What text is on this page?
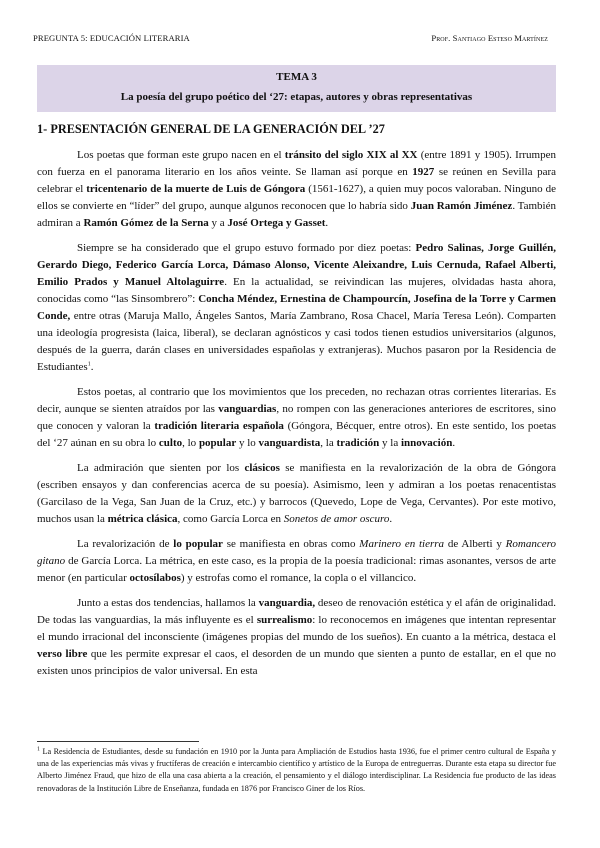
PREGUNTA 5: EDUCACIÓN LITERARIA	Prof. Santiago Esteso Martínez
TEMA 3
La poesía del grupo poético del ‘27: etapas, autores y obras representativas
1- PRESENTACIÓN GENERAL DE LA GENERACIÓN DEL ’27

Los poetas que forman este grupo nacen en el tránsito del siglo XIX al XX (entre 1891 y 1905). Irrumpen con fuerza en el panorama literario en los años veinte. Se llaman así porque en 1927 se reúnen en Sevilla para celebrar el tricentenario de la muerte de Luis de Góngora (1561-1627), a quien muy pocos valoraban. Ninguno de ellos se convierte en “líder” del grupo, aunque algunos reconocen que lo habría sido Juan Ramón Jiménez. También admiran a Ramón Gómez de la Serna y a José Ortega y Gasset.

Siempre se ha considerado que el grupo estuvo formado por diez poetas: Pedro Salinas, Jorge Guillén, Gerardo Diego, Federico García Lorca, Dámaso Alonso, Vicente Aleixandre, Luis Cernuda, Rafael Alberti, Emilio Prados y Manuel Altolaguirre. En la actualidad, se reivindican las mujeres, olvidadas hasta ahora, conocidas como “las Sinsombrero”: Concha Méndez, Ernestina de Champourcín, Josefina de la Torre y Carmen Conde, entre otras (Maruja Mallo, Ángeles Santos, María Zambrano, Rosa Chacel, María Teresa León). Comparten una ideología progresista (laica, liberal), se declaran agnósticos y casi todos tienen estudios universitarios (algunos, después de la guerra, darán clases en universidades españolas y extranjeras). Muchos pasaron por la Residencia de Estudiantes$^1$.

Estos poetas, al contrario que los movimientos que los preceden, no rechazan otras corrientes literarias. Es decir, aunque se sienten atraídos por las vanguardias, no rompen con las generaciones anteriores de escritores, sino que conocen y valoran la tradición literaria española (Góngora, Bécquer, entre otros). En este sentido, los poetas del ‘27 aúnan en su obra lo culto, lo popular y lo vanguardista, la tradición y la innovación.

La admiración que sienten por los clásicos se manifiesta en la revalorización de la obra de Góngora (escriben ensayos y dan conferencias acerca de su poesía). Asimismo, leen y admiran a los poetas renacentistas (Garcilaso de la Vega, San Juan de la Cruz, etc.) y barrocos (Quevedo, Lope de Vega, Cervantes). Por este motivo, muchos usan la métrica clásica, como García Lorca en Sonetos de amor oscuro.

La revalorización de lo popular se manifiesta en obras como Marinero en tierra de Alberti y Romancero gitano de García Lorca. La métrica, en este caso, es la propia de la poesía tradicional: rimas asonantes, versos de arte menor (en particular octosílabos) y estrofas como el romance, la copla o el villancico.

Junto a estas dos tendencias, hallamos la vanguardia, deseo de renovación estética y el afán de originalidad. De todas las vanguardias, la más influyente es el surrealismo: lo reconocemos en imágenes que intentan representar el mundo irracional del inconsciente (imágenes propias del mundo de los sueños). En cuanto a la métrica, destaca el verso libre que les permite expresar el caos, el desorden de un mundo que sienten a punto de estallar, en el que no existen unos principios de valor universal. En esta

$^1$ La Residencia de Estudiantes, desde su fundación en 1910 por la Junta para Ampliación de Estudios hasta 1936, fue el primer centro cultural de España y una de las experiencias más vivas y fructíferas de creación e intercambio científico y artístico de la Europa de entreguerras. Durante esta etapa su director fue Alberto Jiménez Fraud, que hizo de ella una casa abierta a la creación, el pensamiento y el diálogo interdisciplinar. La Residencia fue producto de las ideas renovadoras de la Institución Libre de Enseñanza, fundada en 1876 por Francisco Giner de los Ríos.
